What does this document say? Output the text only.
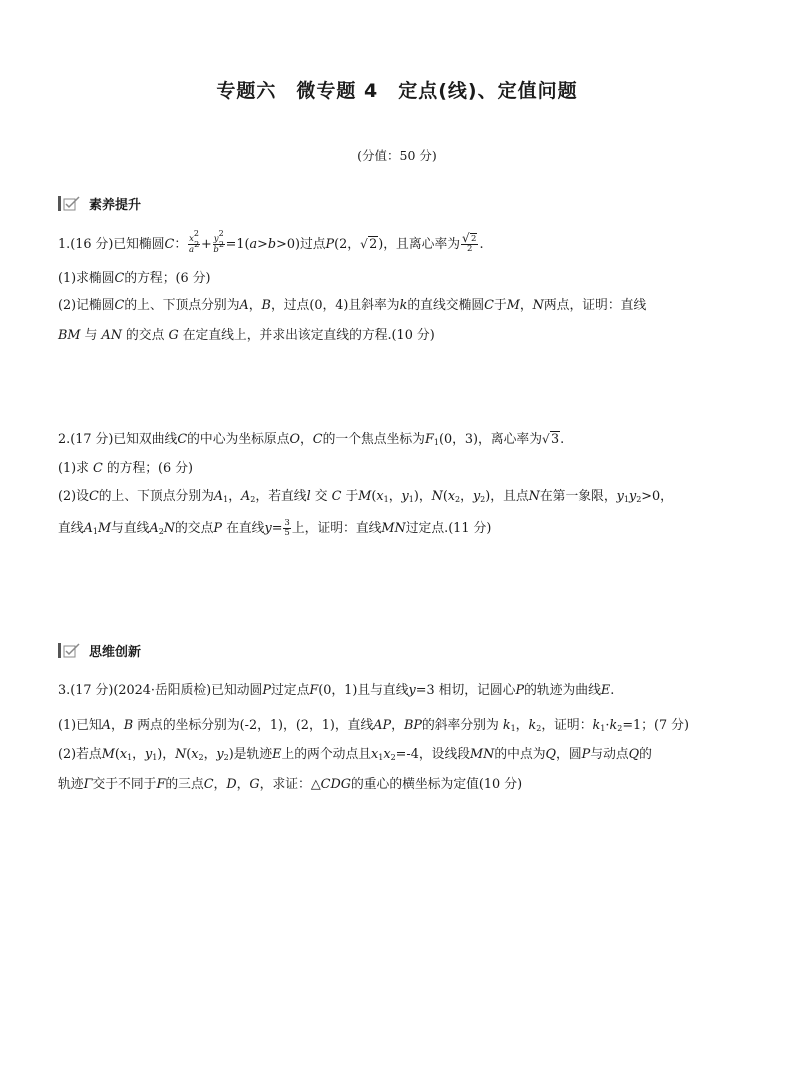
专题六　微专题 4　定点(线)、定值问题
(分值：50 分)
素养提升
1.(16 分)已知椭圆C： $\frac{x^2}{a^2} + \frac{y^2}{b^2} =1(a>b>0)$过点P(2， √ 2)，且离心率为 √ $\frac{2}{2}$ .
(1)求椭圆C的方程；(6 分)
(2)记椭圆C的上、下顶点分别为A，B，过点(0，4)且斜率为k的直线交椭圆C于M，N两点，证明：直线
BM 与 AN 的交点 G 在定直线上，并求出该定直线的方程.(10 分)
2.(17 分)已知双曲线C的中心为坐标原点O，C的一个焦点坐标为$F_1(0$，3)，离心率为 √ 3.
(1)求 C 的方程；(6 分)
(2)设C的上、下顶点分别为$A_1$，$A_2$，若直线l 交 C 于$M(x_1$，$y_1$)，$N(x_2$，$y_2$)，且点N在第一象限，$y_1y_2>0$，
直线$A_1M$与直线$A_2N$的交点P 在直线$y= \frac{3}{5}$ 上，证明：直线MN过定点.(11 分)
思维创新
3.(17 分)(2024·岳阳质检)已知动圆P过定点F(0，1)且与直线y=3 相切，记圆心P的轨迹为曲线E.
(1)已知A，B 两点的坐标分别为(-2，1)，(2，1)，直线AP，BP的斜率分别为 $k_1$，$k_2$，证明：$k_1\cdot k_2=1$；(7 分)
(2)若点$M(x_1$，$y_1$)，$N(x_2$，$y_2$)是轨迹E上的两个动点且$x_1x_2=-4$，设线段MN的中点为Q，圆P与动点Q的
轨迹Γ交于不同于F的三点C，D，G，求证：△CDG的重心的横坐标为定值(10 分)
